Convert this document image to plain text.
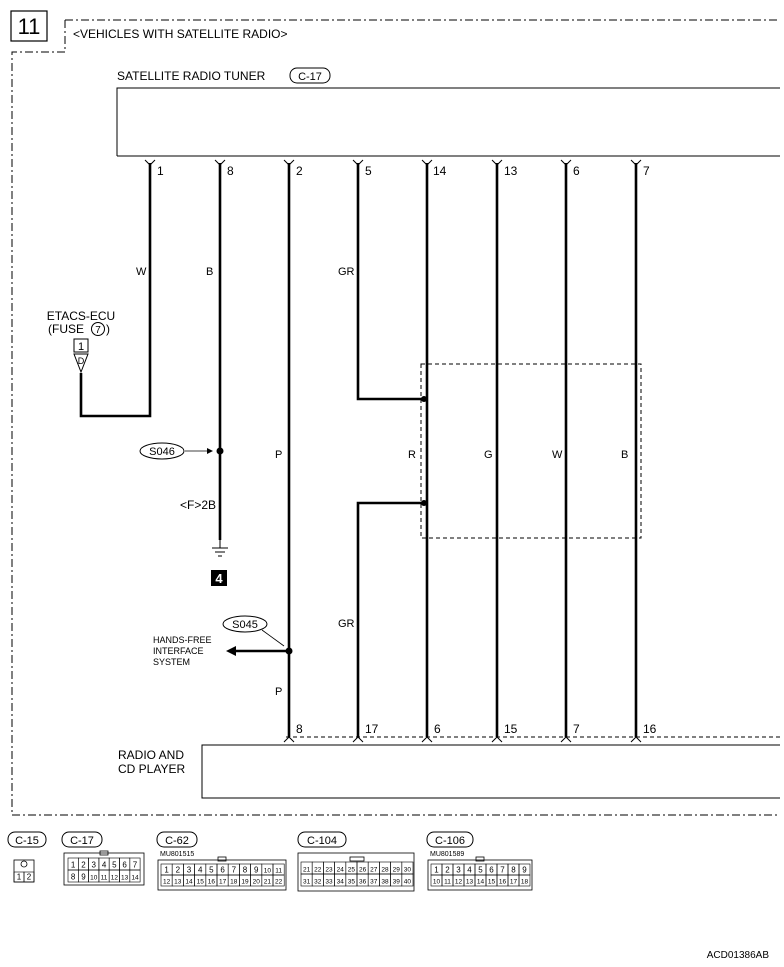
11	<VEHICLES WITH SATELLITE RADIO>
SATELLITE RADIO TUNER	C-17
RADIO AND
CD PLAYER
1
W
ETACS-ECU
(FUSE 7 )
1
D
8
B
S046
<F>2B
4
2
P
P
8
S045
HANDS-FREE
INTERFACE
SYSTEM
5
GR
GR
17
14
R
6
13
G
15
6
W
7
7
B
16
C-15	C-17	C-62
MU801515
C-104	C-106
MU801589
1 2
1 2 3 4 5 6 7
8 9 10 11 12 13 14
1 2 3 4 5 6 7 8 9 10 11
12 13 14 15 16 17 18 19 20 21 22
21 22 23 24 25 26 27 28 29 30
31 32 33 34 35 36 37 38 39 40
1 2 3 4 5 6 7 8 9
10 11 12 13 14 15 16 17 18
ACD01386AB
